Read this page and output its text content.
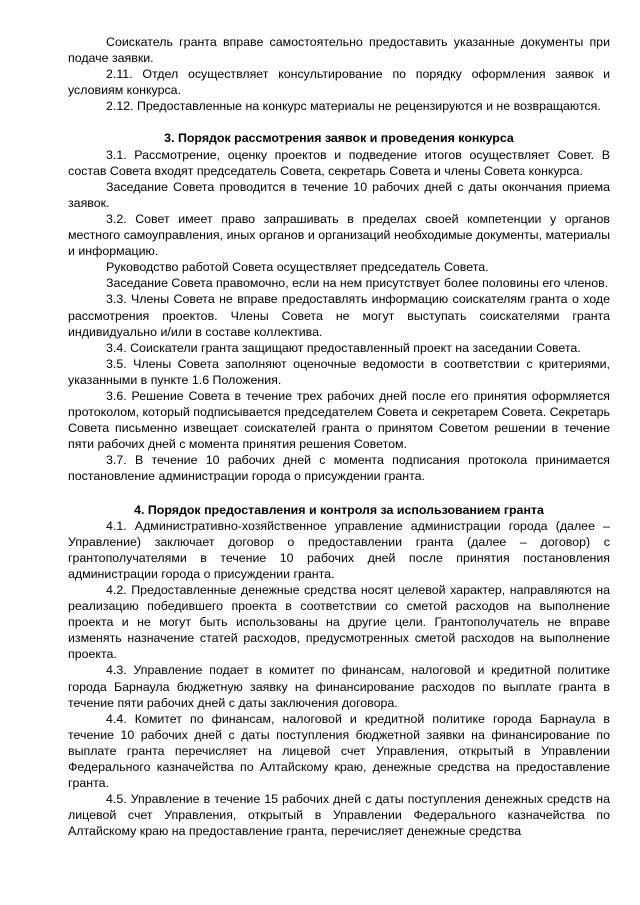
Соискатель гранта вправе самостоятельно предоставить указанные документы при подаче заявки.

2.11. Отдел осуществляет консультирование по порядку оформления заявок и условиям конкурса.

2.12. Предоставленные на конкурс материалы не рецензируются и не возвращаются.

3. Порядок рассмотрения заявок и проведения конкурса

3.1. Рассмотрение, оценку проектов и подведение итогов осуществляет Совет. В состав Совета входят председатель Совета, секретарь Совета и члены Совета конкурса.

Заседание Совета проводится в течение 10 рабочих дней с даты окончания приема заявок.

3.2. Совет имеет право запрашивать в пределах своей компетенции у органов местного самоуправления, иных органов и организаций необходимые документы, материалы и информацию.

Руководство работой Совета осуществляет председатель Совета.

Заседание Совета правомочно, если на нем присутствует более половины его членов.

3.3. Члены Совета не вправе предоставлять информацию соискателям гранта о ходе рассмотрения проектов. Члены Совета не могут выступать соискателями гранта индивидуально и/или в составе коллектива.

3.4. Соискатели гранта защищают предоставленный проект на заседании Совета.

3.5. Члены Совета заполняют оценочные ведомости в соответствии с критериями, указанными в пункте 1.6 Положения.

3.6. Решение Совета в течение трех рабочих дней после его принятия оформляется протоколом, который подписывается председателем Совета и секретарем Совета. Секретарь Совета письменно извещает соискателей гранта о принятом Советом решении в течение пяти рабочих дней с момента принятия решения Советом.

3.7. В течение 10 рабочих дней с момента подписания протокола принимается постановление администрации города о присуждении гранта.

4. Порядок предоставления и контроля за использованием гранта

4.1. Административно-хозяйственное управление администрации города (далее – Управление) заключает договор о предоставлении гранта (далее – договор) с грантополучателями в течение 10 рабочих дней после принятия постановления администрации города о присуждении гранта.

4.2. Предоставленные денежные средства носят целевой характер, направляются на реализацию победившего проекта в соответствии со сметой расходов на выполнение проекта и не могут быть использованы на другие цели. Грантополучатель не вправе изменять назначение статей расходов, предусмотренных сметой расходов на выполнение проекта.

4.3. Управление подает в комитет по финансам, налоговой и кредитной политике города Барнаула бюджетную заявку на финансирование расходов по выплате гранта в течение пяти рабочих дней с даты заключения договора.

4.4. Комитет по финансам, налоговой и кредитной политике города Барнаула в течение 10 рабочих дней с даты поступления бюджетной заявки на финансирование по выплате гранта перечисляет на лицевой счет Управления, открытый в Управлении Федерального казначейства по Алтайскому краю, денежные средства на предоставление гранта.

4.5. Управление в течение 15 рабочих дней с даты поступления денежных средств на лицевой счет Управления, открытый в Управлении Федерального казначейства по Алтайскому краю на предоставление гранта, перечисляет денежные средства
